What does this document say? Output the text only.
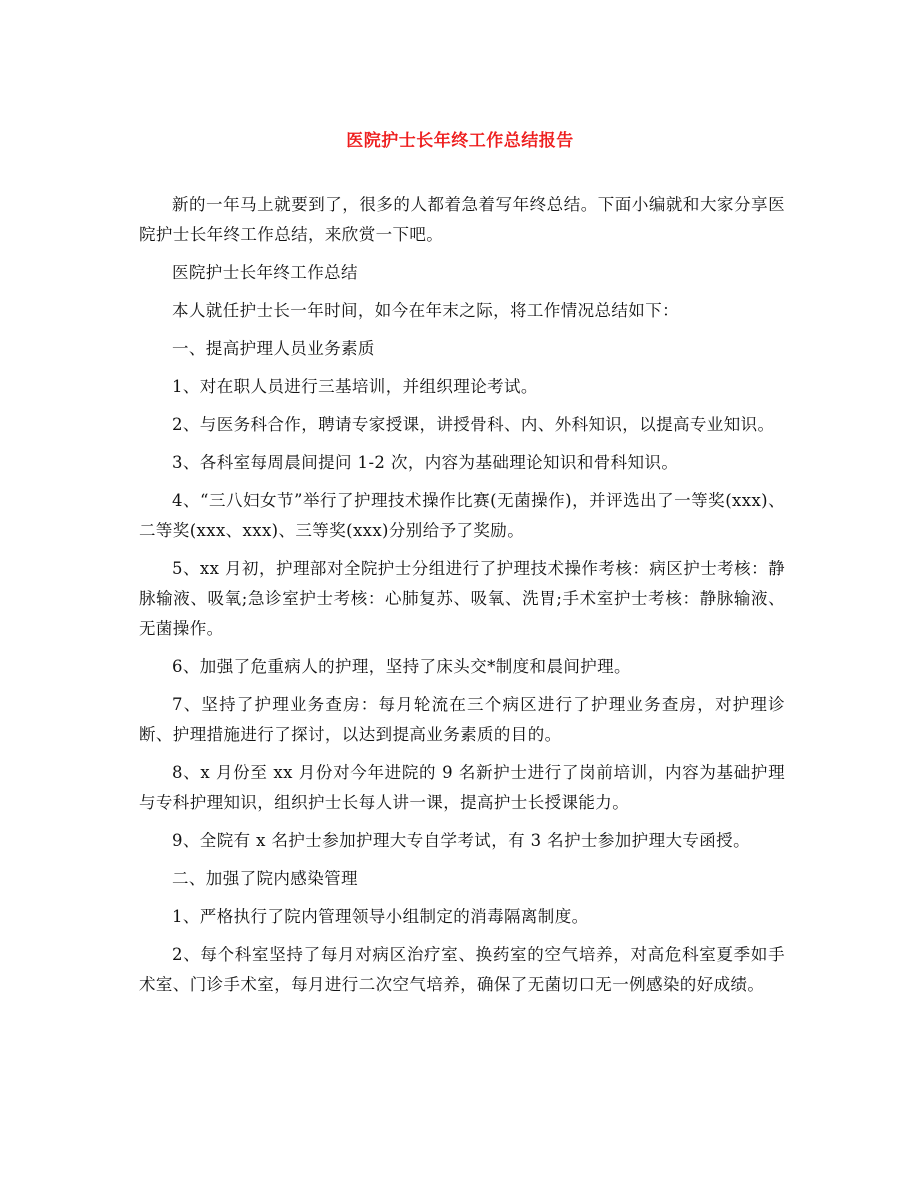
医院护士长年终工作总结报告

新的一年马上就要到了，很多的人都着急着写年终总结。下面小编就和大家分享医院护士长年终工作总结，来欣赏一下吧。

医院护士长年终工作总结

本人就任护士长一年时间，如今在年末之际，将工作情况总结如下：

一、提高护理人员业务素质

1、对在职人员进行三基培训，并组织理论考试。

2、与医务科合作，聘请专家授课，讲授骨科、内、外科知识，以提高专业知识。

3、各科室每周晨间提问 1-2 次，内容为基础理论知识和骨科知识。

4、“三八妇女节”举行了护理技术操作比赛(无菌操作)，并评选出了一等奖(xxx)、二等奖(xxx、xxx)、三等奖(xxx)分别给予了奖励。

5、xx 月初，护理部对全院护士分组进行了护理技术操作考核：病区护士考核：静脉输液、吸氧;急诊室护士考核：心肺复苏、吸氧、洗胃;手术室护士考核：静脉输液、无菌操作。

6、加强了危重病人的护理，坚持了床头交*制度和晨间护理。

7、坚持了护理业务查房：每月轮流在三个病区进行了护理业务查房，对护理诊断、护理措施进行了探讨，以达到提高业务素质的目的。

8、x 月份至 xx 月份对今年进院的 9 名新护士进行了岗前培训，内容为基础护理与专科护理知识，组织护士长每人讲一课，提高护士长授课能力。

9、全院有 x 名护士参加护理大专自学考试，有 3 名护士参加护理大专函授。

二、加强了院内感染管理

1、严格执行了院内管理领导小组制定的消毒隔离制度。

2、每个科室坚持了每月对病区治疗室、换药室的空气培养，对高危科室夏季如手术室、门诊手术室，每月进行二次空气培养，确保了无菌切口无一例感染的好成绩。
